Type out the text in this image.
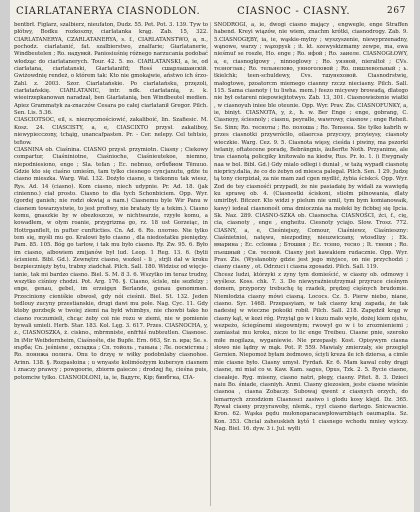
CIARLATANERYA CIASNODLON.	CIASNOC - CIASNY.	267

bentbrł. Figlarz, szalbierz, nieufaton, Dudz. 55. Pet. Pot. 3. 139. Tyw to płótwy, Bodku rozkoszny, ciarlatanka krąg. Zab. 15, 322. CIARLATANERYA, CZARLATANERYA, s. f., CIARLATANSTWO, a, n., pochodz. ciarlatanić, fat. szalbierstwo, znalfarie; Giarlatanerie, Windbeutelen ; Ro. надувкй. Paniosiuśnię różnego narzucania podobać włodząc do ciarlatanerych. Tour. 42. 5. по. CIARLATANSKI, a, ie, od ciarlatana, ciarlatanski, Giarlatanifd; Rosś сшарлашанскій. Gwiżowdnię rendeż, o którem tak: Kto nie gmokajwie, aństwo ich śrzo-Zahl. z. 2003. Szor. Ciarlatańskie. Po ciarlatańsku, przęzoli, ciarlatańskię. CIARLATANIC, intr. ndk. ciarlatanią, z. k. wieeirzepkanowan naradzał, ben Giarlatanią, ben Windbeutel medien. Apiez Grammatyk za-znaczów Cesara po całej ciarlatanił Gregor. Pilch. Sen. Lis. 5.36.

CIASCIOTSOC, eil, s. niezręcznościowić, zakaliboić, lin. Szafiesic. M. Kosz. 24. CIASCISTY, a, e, CIASCIXTO przysł. zakaliboy, niewypiecczony, tchąig, unancafpasten. Pr. - Cer. nelepy. Cel tehtsio, tefiow.

CIASNINA ob. Ciaśnina. CIASNO przysł. przymiotn. Ciasny ; Ciekowy compartur, Ciaśniniotne, Ciaśnioche, Ciaśnieutekoe, niemno, niepodniesiono, enge ; Sla. tefan ; Ec. nebnuo, огбxбиом Tёnuuo. Gdzie kto się ciaśno umieśm, tam tylko ciesnego cyncjanutu, gdże tu ciasno mieszka. Warg. Wal. 132. Dożyło ciasno, u tiekonnu tak wiesz, Rys. Ad. 14 (ciasno). Kom ciasno, niech udypnie. Pr. Ad. 18. (jak cinienno.) ciał prosto. Ciasno to dla tych Schonbiciem. Opp. Wyr. (gordej ganieh; nie rodzi okwiaj a nam.) Ciasnemu byle Wir Panu w ciasnem towarzystwie, to jest profiwy, nie brataży tly a tekim.). Ciasno komu, gnaszkie by w obezłoszcze, w nichtwarzie, rzyyłe komu, a kowadłem, w ołym roanie, przygrizma go, rz. 18 ust Gorzeiąc, in Hottrganflelt, in pufter cunfticties. Cn. Ad. 6. Ro. плотно. Nie tylko tem się, myśli mu go. Kralowi było ciasno , dla niedostatku pieniędzy. Pam. 85. 105. Bóg go tarłow, i tak mu było ciasno. Ry. Zw. 95. 6. Było im ciasno, albowiem zmijanów był lud. Leop. 1 Reg. 13. 6. (bylii ścisnieni. Bibl. Gd.). Zewnętrz ciasno, wszkol - li , strjli dał w kroku bezpiecznięży bytu, trabny ziadchał. Pilch. Sall. 180. Widzisz od więcje-ianie, tak mi bardzo ciasno. Biel. S. M. 8 3. 6. Wszytko im teraz trudny, wszytko ciśnioy chodzi. Pot. Arg. 176. §. Ciasno, ścisle, nie sezfelzy ; enge, genau, gebel, im erzeigęn Berlande, genau genommen. Przeciniony cieniśkie obwosł, gdy nói cieśnii. Biel. St. 132. Jeden tedlouy zucyny przestianskie, drugi dawi mu pole. Nag. Cyc. 11. Gdy ktoby gorzbejk w twoiej ziemi na byłd whimbys, nie chowbi tako ho ciasno roczumieli, chcąc żeby coi nie rozu w ziemi, nie w pomienie bywali umieli. Herb. Star. 183. Kol. Lęg. 3. 617. Przes. CIASNOCHA, y, ż., CIASNOSZKA, ż. ciskno., mbrmniste, enfrhiś nubteutlen. Ciasnosc. In iMir Weibdernheim, Ciaśnośte, die Bupfe. Ern. 663, Sr. n. иpa; Se. s. нърба; Cn. jeśnisne , охладка ; Cп. тойоль , таньна ; Ле. посмістны ; Ro. поннжа полнга. Onu to drzyę w wiłky podobnlaby ciasnohoe. Arinn. 138. §. Rozpasłoina ; u wnyaste kolimóożyym kubersyn ciasnem i znaczy prawcy ; powgoorie, zbiorm gaiecze ; drodzęj fię, cieśna puis, potomciw tylko. CIASNODLONI, ia, ie, Вадутє, Кір; бинбгна, СІА-

SNODROGI, a, ie, dwogi ciasno mający , engwegle, enge Straffen habend. Kreyi wiązów, nie wiem, znachm krótki, ciasnodrogy. Zab. 9. 5.CIASNOGĘBY, ia, ie, wąskie-mylny ; wyszyszenie, niewyprzenadny, wąnowe, warzy ; wązopysk ; it. kt. szewyskizmamy zewpe, ma, ewa nieśmuf se roszłe, Ho. enge ; Ro. ифой ; Ro. заиеле. CIASNOGŁOWY, a, e, ciasnoglgowy , ninnoglowy ; Ro. уязной, nieraltoł ; CVs. тезноглав.; Ro. тельнелово, уяноголовой ; Ro. пишлевольный ; ь. tkielchk; teen-schuldewy, Cvs. тшунеховой. Ciasnodrstwię, małogtowe, pzoatorcm miemego ciasnny rzczz nieciasny. Pilch. Sall. 115. Sama ciasnoty ( tu liwha. mem.) feezo micyewy browadą, dlatego nie był ostareni niepowiejitotwyo. Zab. 13, 301. Ciasnowieżenie wiatki , w ciasnoyuh iniee ble oteunie. Opp. Wyr. Prav. Zis. CIASNOFUNKY, a, ie, biniyt. CIASNOTA, y, ż., h. w. Ber Enge ; enge, gobrang, C. Ciasnoyy, ściesnoly ; ciasnu, peyrałle, wawrowy, ciasnow ; enge Reheit. Se. Sinn; Ro. тесноты ; Ro. полоша ; Ro. Tenseea. Sie tylko kabrlh w przes ciasnotki przywróciło, oilaercsa przycsyy, przyieysy, ciasnoty wieczkie. Warg. Cez. 9. 5. Ciasnota więsy, cieśda i piwiny, ma pszorki iwlaniy, oftatecene poradę, Bebrängnis, äußerfte Noth. Przyanime, ale tras ciasnotą policgiky knitowalo na kiedw, Rus. Pr. ło. 1. (i Ewygnaly naa w bol. Bibl. Gd.) Gdy mialo odlegi i duniał , w tażą wypadł ciasnotę niepricy.dalia, że co do żebyn od miesca palegal. Pilch. Sen. 1 29. Judzę tą tony cierpiział, za nie mam zad cgen mydlić, żybia ściskcś. Opp. Wyr. Zod de tey ciasnośći przypadł, że nie pasiadaię by widali za wawiędą ku sprawę ob. 4. (Ciasnostki ściskoni, stiolm pilnowania, dlaty umirlbył. Bitczer. Kto widzi y pielum nie umil, tym bym komianowaik, kawy) iedeal ciasnonośt oma dmiocznia na mołeki by ficbbej się Ipcia. Sk. Naz. 289. CIASNO-SZKA ob. Ciasnocha. CIASNOŚCI, źci, f., cię, cia, ciasnoty , enge , engheitu. Ciesnoty yciajo. Slow. Trosz. 772. CIASNY, a, e, Cieśniejszy, Comour, Ciaśniewz, Ciaśnieszny: Ciaśnietnioi, natęwu, niezpodiny, nieuzwiczany, wtosdlizy ; Ek. вмарина ; Ec. ccloвиа ; Бтошия ; Ec. тсено, тесно ; It. тнени ; Ro. пъешный ; Си. тесной. Ciasny jest kawakiem rudacznie. Opp. Wyr. Prav. Zis. (Wysłanobiy gdzie jest jego miyjsce, on nie przychodzi ; ciasny ciasny , ot. Odrzuci i ciasna zgosadzi. Pilch. Sall. 119.

Chcesz ludzi, którzyki z zyny tym domieścić, w ciasny ob. odmowy i wyślesz. Koss. chk. 7. 3. Do niewyraźnieutrzymał przyruce cieśnym domem, przyporzy trebuchę tę rzadek, prędzej cięśnych brudomie. Niemłodzia ciasny mówi ciasną. Lococs. Cz. 5. Pierw niebo, niane, ciasno. Syr. 1468. Przepasyiam, w tak ciasny kraj zapada, że tak nadesiej w wieczne pokoiki robił. Pilch. Sall. 218. Zapędził krąg w ciasny kąt, w kozi róg. Przyiął go w i kuzu mało wyłe, dożej kiem ojshu, wezpeżo, ściegśnemi siegowniym; rwowył go w i to zrozmieniemi ; zamiastai mu kroku, nicze to lic enge Treibeu. Ciasne pnie, szeroko miłe mogilaza, wyganiewie. Nie przepasły. Kost. Opisywym ciasna słowo nie lądny w mąk. Pot. P. 559. Mawialy zmierzały, sie przegięł Gernien. Niepomoż byłam żedmowo, ściyli kreza ile ich dziersa, a cimle mie ciasne było. Ciasny umysł. Fyrdań. Kr. 6. Mam kawal coby drągi ciasne, mi miał co w. Kaw. Kam. sagus, Opus, Tzk. 2. 5. Bycie ciasne, ciseałeje. Ryg. miseny, ciasno natri, płegy, ciasny. Pitet. 8. 3. Dzieci naiu Bo. śniade, ciasniyh. Anmi. Ciasny giezosien, jeste ciasne wieśnie ciasnoa , ciasna Zobaczy. Subowaj qwent z ciasnych orzych, do lemarnych zrzodziom Ciasnosci zasiwo i glodu kosy klejd. Dz. 365. Rywał ciasny przyyrawoby, nlemk., ryyl ciasno dartego. Snicwacnie. Kron. 62. Wąska pędu mułonoparacawpłowarnbiąch oaumaplia. Sz. Kon. 353. Chcial zaheuskieh kytó 1 ciasnego wchodu mniey wyiczy. Nag. Biel. 16. dyw. 3 i. Jul. wyłli
